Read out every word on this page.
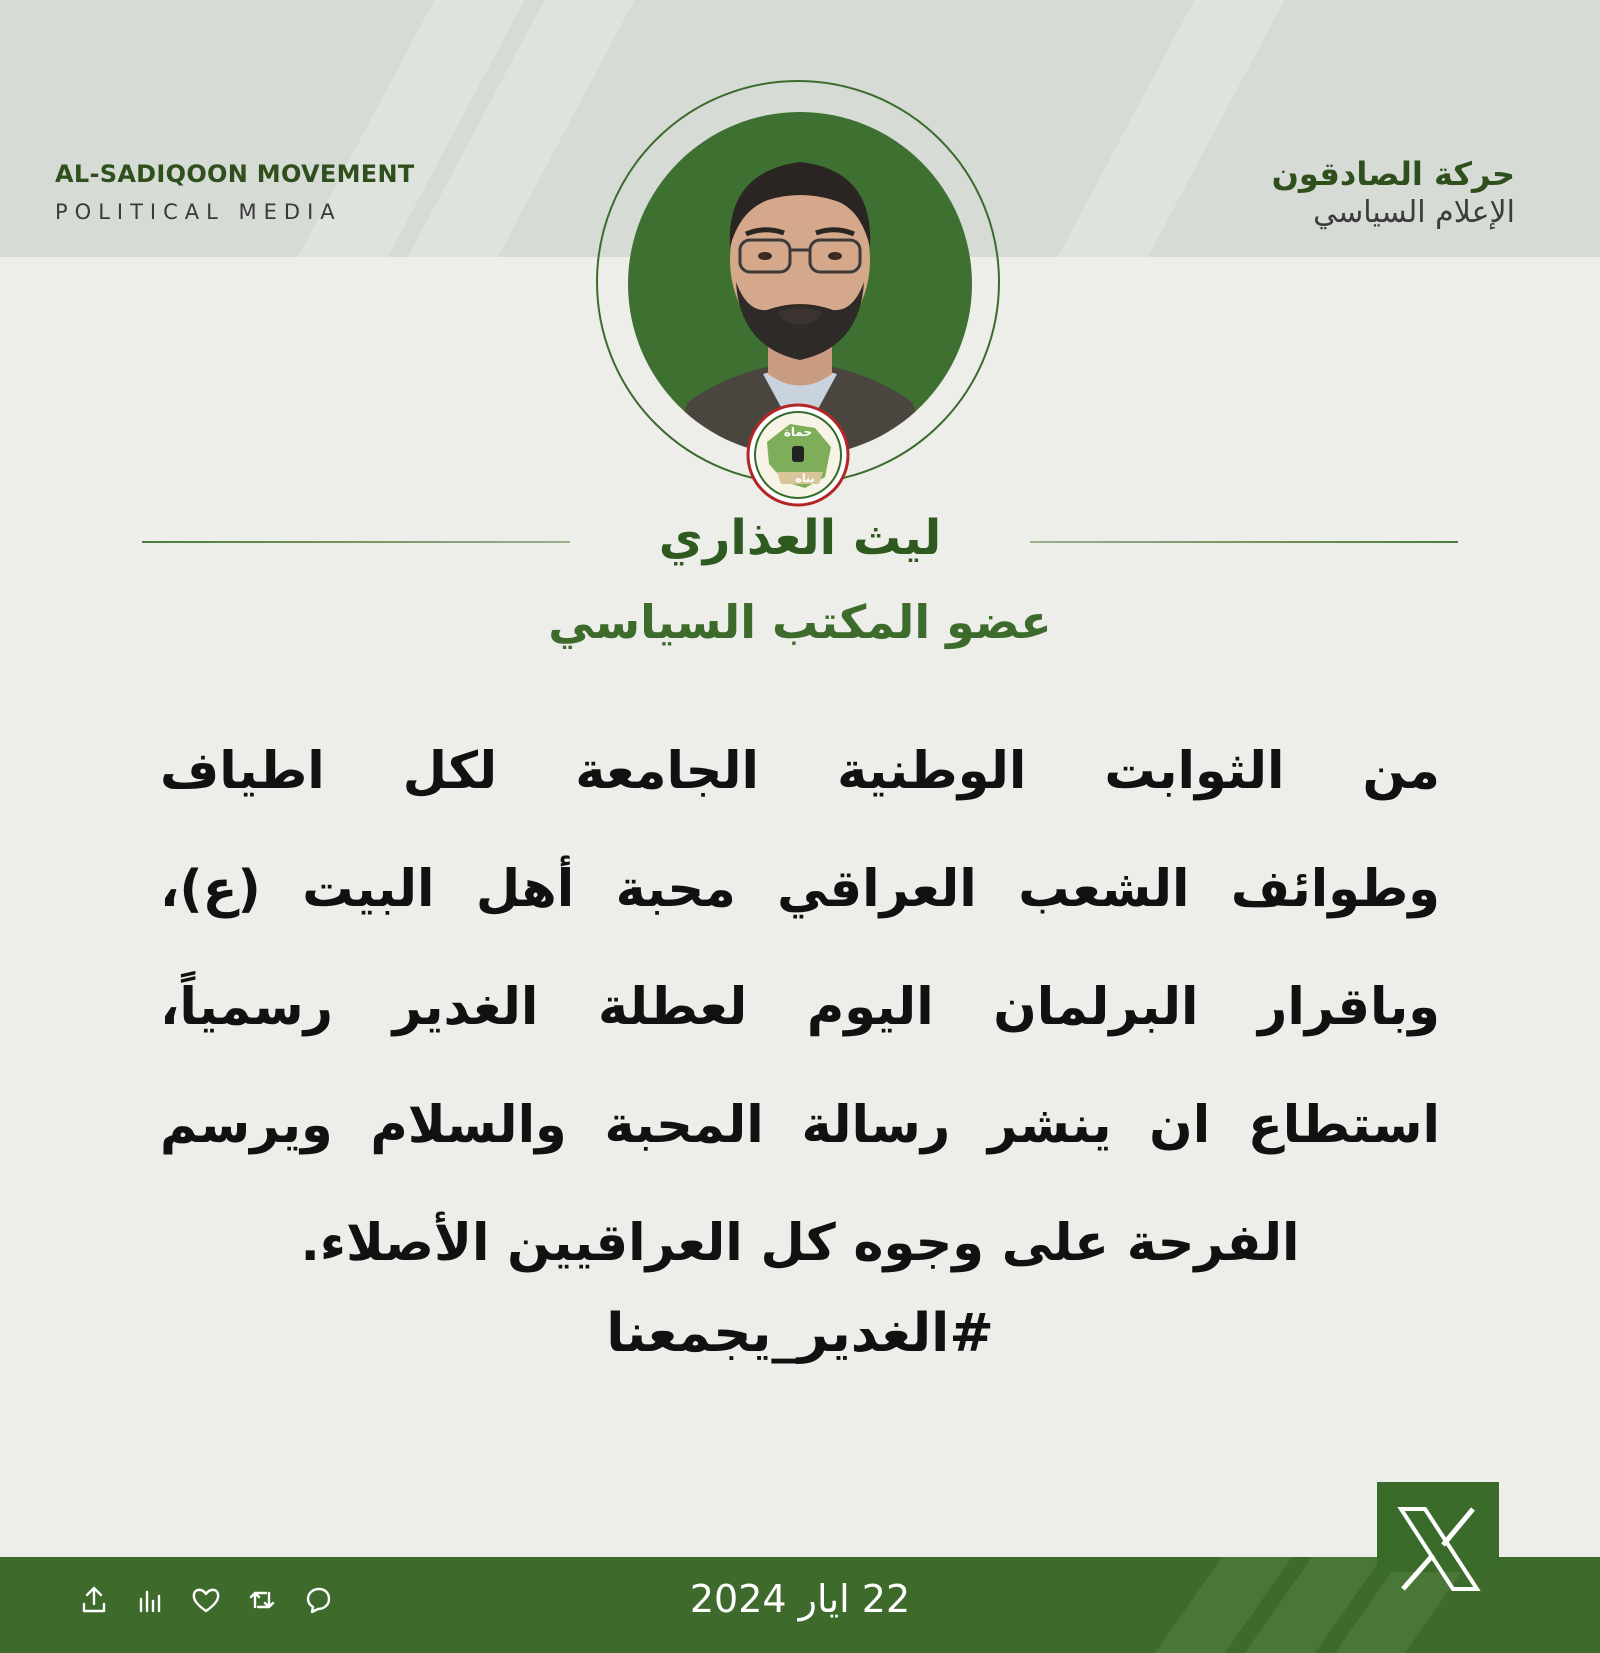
AL-SADIQOON MOVEMENT
POLITICAL MEDIA
حركة الصادقون
الإعلام السياسي
حماة
بناه
ليث العذاري
عضو المكتب السياسي
من الثوابت الوطنية الجامعة لكل اطياف
وطوائف الشعب العراقي محبة أهل البيت (ع)،
وباقرار البرلمان اليوم لعطلة الغدير رسمياً،
استطاع ان ينشر رسالة المحبة والسلام ويرسم
الفرحة على وجوه كل العراقيين الأصلاء.
#الغدير_يجمعنا
22 ايار 2024
